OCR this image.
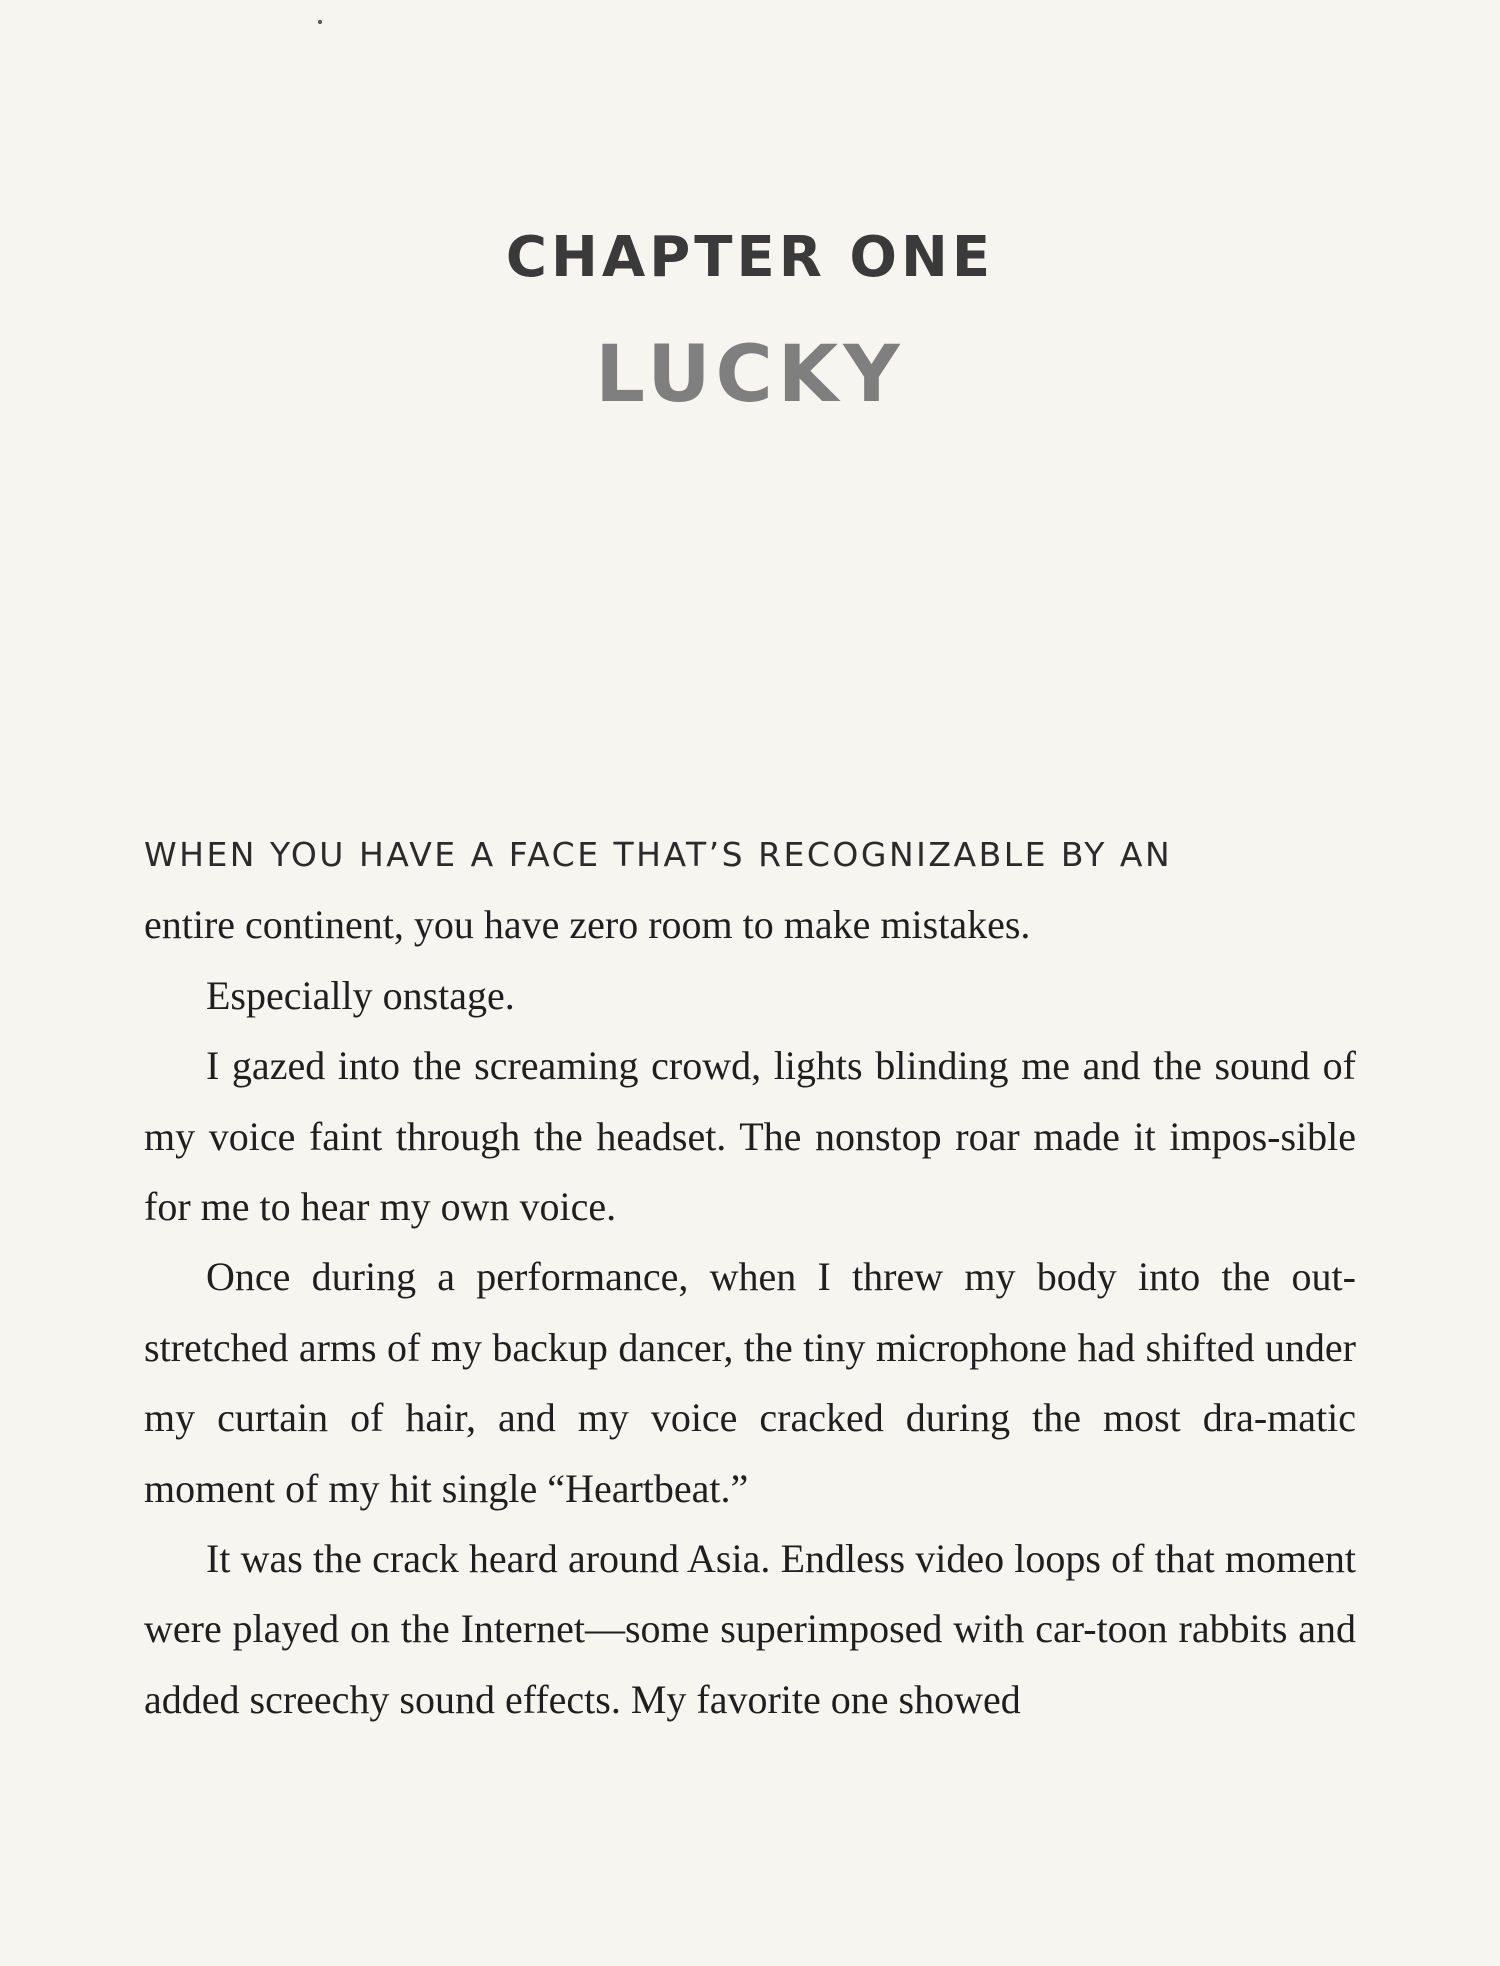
CHAPTER ONE
LUCKY

WHEN YOU HAVE A FACE THAT’S RECOGNIZABLE BY AN
entire continent, you have zero room to make mistakes.

Especially onstage.

I gazed into the screaming crowd, lights blinding me and the sound of my voice faint through the headset. The nonstop roar made it impos-sible for me to hear my own voice.

Once during a performance, when I threw my body into the out-stretched arms of my backup dancer, the tiny microphone had shifted under my curtain of hair, and my voice cracked during the most dra-matic moment of my hit single “Heartbeat.”

It was the crack heard around Asia. Endless video loops of that moment were played on the Internet—some superimposed with car-toon rabbits and added screechy sound effects. My favorite one showed
